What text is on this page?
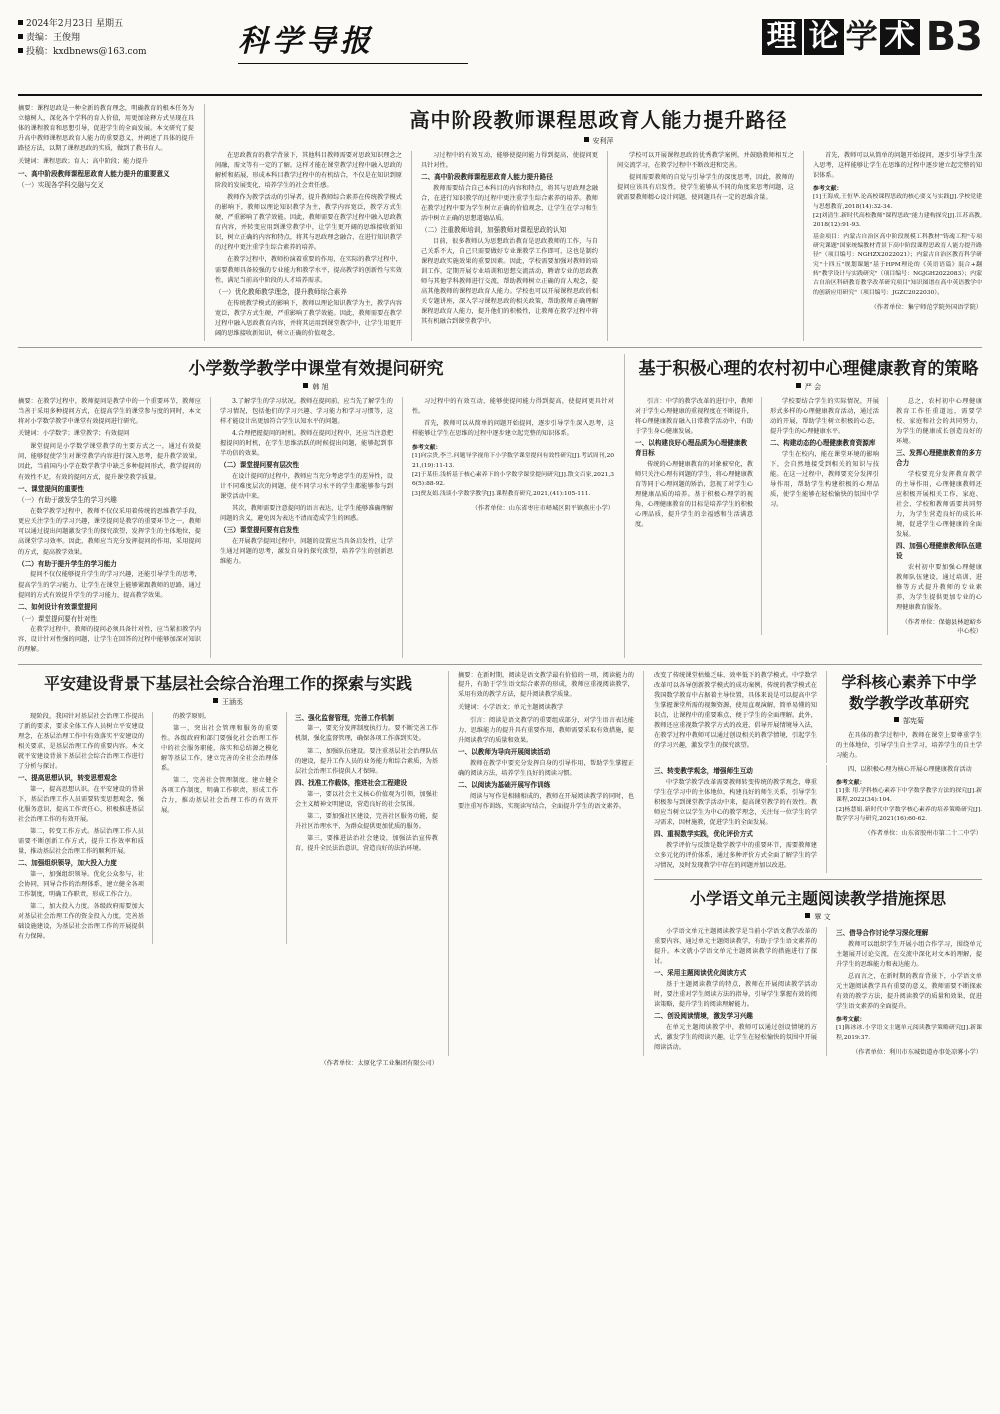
2024年2月23日 星期五
责编：王俊翔
投稿：kxdbnews@163.com	科学导报	理 论 学 术 B3
摘要：课程思政是一种全新的教育理念，明确教育的根本任务为立德树人，深化各个学科的育人价值，用更加诠释方式呈现在具体的课程教育和思想引导，促进学生的全面发展。本文研究了提升高中教师课程思政育人能力的重要意义，并阐述了具体的提升路径方法，以期了课程思政的实质，做到了教书育人。
关键词：课程思政；育人；高中阶段；能力提升
一、高中阶段教师课程思政育人能力提升的重要意义
（一）实现各学科交融与交叉
高中阶段教师课程思政育人能力提升路径
安利萍

在思政教育的教学背景下，其他科目教师需要对思政知识理念之间融，需文等有一定的了解。这样才能在课堂教学过程中融入思政的解析和拓展，形成本科目教学过程中的有机结合，不仅是在知识到原阶段的发展变化，培养学生的社会责任感。

教师作为教学活动的引导者，提升教师综合素养在传统教学模式的影响下，教师以理论知识教学为主，教学内容宽泛，教学方式生硬，严重影响了教学效能。因此，教师需要在教学过程中融入思政教育内容，并转变应用到课堂教学中，让学生更开阔的思维接收新知识，树立正确的内容和特点，将其与思政理念融合，在进行知识教学的过程中更注重学生综合素养的培养。

在教学过程中，教师扮演着重要的作用，在实际的教学过程中，需要教师具备较强的专业能力和教学水平，提高教学的创新性与实效性，满足当前高中阶段的人才培养需求。

（一）优化教师教学理念，提升教师综合素养

在传统教学模式的影响下，教师以理论知识教学为主，教学内容宽泛，教学方式生硬，严重影响了教学效能。因此，教师需要在教学过程中融入思政教育内容，并将其运用到课堂教学中，让学生用更开阔的思维接收新知识，树立正确的价值观念。

习过程中的有效互动，能够使提问能力得到提高，使提问更具针对性。

二、高中阶段教师课程思政育人能力提升路径

教师需要结合自己本科目的内容和特点，将其与思政理念融合，在进行知识教学的过程中更注重学生综合素养的培养。教师在教学过程中要为学生树立正确的价值观念，让学生在学习和生活中树立正确的思想道德品质。

（二）注重教师培训，加强教师对课程思政的认知

目前，很多教师认为思想政治教育是思政教师的工作，与自己关系不大，自己只需要做好专业课教学工作即可，这也是制约课程思政实施效果的重要因素。因此，学校需要加强对教师的培训工作，定期开展专业培训和思想交流活动，聘请专业的思政教师与其他学科教师进行交流，帮助教师树立正确的育人观念，提高其他教师的课程思政育人能力。学校也可以开展课程思政的相关专题讲座，深入学习课程思政的相关政策，帮助教师正确理解课程思政育人能力，提升他们的积极性，让教师在教学过程中将其有机融合到课堂教学中。

学校可以开展课程思政的优秀教学案例，并鼓励教师相互之间交流学习，在教学过程中不断改进和完善。

提问需要教师的自觉与引导学生的深度思考，因此，教师的提问应该具有启发性，使学生能够从不同的角度来思考问题，这就需要教师精心设计问题，使问题具有一定的思维含量。

首先，教师可以从简单的问题开始提问，逐步引导学生深入思考，这样能够让学生在思维的过程中逐步建立起完整的知识体系。

参考文献：
[1]王海成,王恒华.论高校课程思政的核心要义与实践[J].学校党建与思想教育,2018(14):32-34.
[2]刘清生.新时代高校教师"课程思政"能力建构探究[J].江苏高教,2018(12):91-93.
基金项目：内蒙古自治区高中阶段规模工科教材"铸魂工程"专项研究课题"国家统编教材背景下高中阶段课程思政育人能力提升路径"（项目编号：NGHZX2022021）；内蒙古自治区教育科学研究"十四五"规划课题"基于HPM理论的《英语语篇》混合+翻转"教学设计与实践研究"（项目编号：NGJGH2022083）；内蒙古自治区科研教育教学改革研究项目"知识图谱在高中英语教学中的创新应用研究"（项目编号：JGZC2022030）。
（作者单位：集宁师范学院外国语学院）
小学数学教学中课堂有效提问研究
韩 旭
摘要：在教学过程中，教师提问是教学中的一个重要环节，教师应当善于采用多种提问方式，在提高学生的课堂参与度的同时，本文将对小学数学教学中课堂有效提问进行研究。
关键词：小学数学；课堂教学；有效提问

课堂提问是小学数学课堂教学的主要方式之一，通过有效提问，能够促使学生对课堂教学内容进行深入思考，提升教学效果。因此，当前国内小学在数学教学中缺乏多种提问形式，教学提问的有效性不足，有效的提问方式，提升课堂教学质量。

一、课堂提问的重要性
（一）有助于激发学生的学习兴趣

在数学教学过程中，教师不仅仅采用着传统的思维教学手段，更应关注学生的学习兴趣，课堂提问是教学的重要环节之一，教师可以通过提出问题激发学生的探究欲望，发挥学生的主体地位，提高课堂学习效率。因此，教师应当充分发挥提问的作用，采用提问的方式，提高教学效果。

（二）有助于提升学生的学习能力

提问不仅仅能够提升学生的学习兴趣，还能引导学生的思考，提高学生的学习能力，让学生在课堂上能够紧跟教师的思路，通过提问的方式有效提升学生的学习能力，提高教学效果。

二、如何设计有效课堂提问
（一）课堂提问要有针对性

在教学过程中，教师的提问必须具备针对性，应当紧扣教学内容，设计针对性强的问题，让学生在回答的过程中能够加深对知识的理解。

3.了解学生的学习状况。教师在提问前，应当先了解学生的学习情况，包括他们的学习兴趣、学习能力和学习习惯等，这样才能设计出更加符合学生认知水平的问题。

4.合理把握提问的时机。教师在提问过程中，还应当注意把握提问的时机，在学生思维活跃的时候提出问题，能够起到事半功倍的效果。

（二）课堂提问要有层次性

在设计提问的过程中，教师应当充分考虑学生的差异性，设计不同难度层次的问题，使不同学习水平的学生都能够参与到课堂活动中来。

其次，教师需要注意提问的语言表达，让学生能够准确理解问题的含义，避免因为表达不清而造成学生的困惑。

（三）课堂提问要有启发性

在开展教学提问过程中，问题的设置应当具备启发性，让学生通过问题的思考，激发自身的探究欲望，培养学生的创新思维能力。

习过程中的有效互动，能够使提问能力得到提高，使提问更具针对性。

首先，教师可以从简单的问题开始提问，逐步引导学生深入思考，这样能够让学生在思维的过程中逐步建立起完整的知识体系。

参考文献：
[1]向宗贵,李兰.问题导学视角下小学数学课堂提问有效性研究[J].考试周刊,2021,(19):11-13.
[2]于某佳.浅析基于核心素养下的小学数学课堂提问研究[J].散文百家,2021,36(5):88-92.
[3]贾友娟.浅谈小学数学教学[J].课程教育研究,2021,(41):105-111.
（作者单位：山东省枣庄市峄城区阴平镇燕庄小学）
基于积极心理的农村初中心理健康教育的策略
严 会

引言：中学的教学改革的进行中，教师对于学生心理健康的重视程度在不断提升，将心理健康教育融入日常教学活动中，有助于学生身心健康发展。

一、以构建良好心理品质为心理健康教育目标

传统的心理健康教育的对象被窄化，教师只关注心理有问题的学生，将心理健康教育等同于心理问题的矫治，忽视了对学生心理健康品质的培养。基于积极心理学的视角，心理健康教育的目标是培养学生的积极心理品质，提升学生的幸福感和生活满意度。

学校要结合学生的实际情况，开展形式多样的心理健康教育活动，通过活动的开展，帮助学生树立积极的心态，提升学生的心理健康水平。

二、构建动态的心理健康教育资源库

学生在校内，能在课堂环境的影响下，会自然地接受到相关的知识与技能。在这一过程中，教师要充分发挥引导作用，帮助学生构建积极的心理品质，使学生能够在轻松愉快的氛围中学习。

总之，农村初中心理健康教育工作任重道远，需要学校、家庭和社会的共同努力，为学生的健康成长创造良好的环境。

三、发挥心理健康教育的多方合力

学校要充分发挥教育教学的主导作用，心理健康教师还应积极开展相关工作，家庭、社会、学校和教师需要共同努力，为学生营造良好的成长环境，促进学生心理健康的全面发展。

四、加强心理健康教师队伍建设

农村初中要加强心理健康教师队伍建设，通过培训、进修等方式提升教师的专业素养，为学生提供更加专业的心理健康教育服务。

（作者单位：保德县林遮峪乡中心校）
平安建设背景下基层社会综合治理工作的探索与实践
王涵丞

现阶段，我国针对基层社会治理工作提出了新的要求，要求全体工作人员树立平安建设理念，在基层治理工作中有效落实平安建设的相关要求，是基层治理工作的重要内容。本文就平安建设背景下基层社会综合治理工作进行了分析与探讨。

一、提高思想认识，转变思想观念

第一，提高思想认识。在平安建设的背景下，基层治理工作人员需要转变思想观念，强化服务意识，提高工作责任心，积极推进基层社会治理工作的有效开展。

第二，转变工作方式。基层治理工作人员需要不断创新工作方式，提升工作效率和质量，推动基层社会治理工作的顺利开展。

二、加强组织领导，加大投入力度

第一，加强组织领导。优化公众参与，社会协同，同导合作的治理体系，建立健全各项工作制度，明确工作职责，形成工作合力。

第二，加大投入力度。各级政府需要加大对基层社会治理工作的资金投入力度，完善基础设施建设，为基层社会治理工作的开展提供有力保障。

的教学原则。

第一，突出社会管理和服务的重要性。各级政府和部门要强化社会治理工作中的社会服务职能，落实和总结源之模化解等基层工作，建立完善的全社会治理体系。

第二，完善社会管理制度。建立健全各项工作制度，明确工作职责，形成工作合力，推动基层社会治理工作的有效开展。

三、强化监督管理，完善工作机制

第一，要充分发挥制度执行力。要不断完善工作机制，强化监督管理，确保各项工作落到实处。

第二，加强队伍建设。要注重基层社会治理队伍的建设，提升工作人员的业务能力和综合素质，为基层社会治理工作提供人才保障。

四、找准工作载体，推进社会工程建设

第一，要以社会主义核心价值观为引领，加强社会主义精神文明建设，营造良好的社会氛围。

第二，要加强社区建设，完善社区服务功能，提升社区治理水平，为群众提供更加优质的服务。

第三，要推进法治社会建设，加强法治宣传教育，提升全民法治意识，营造良好的法治环境。

摘要：在新时期，阅读是语文教学最有价值的一项，阅读能力的提升，有助于学生语文综合素养的形成，教师应重视阅读教学，采用有效的教学方法，提升阅读教学质量。
关键词：小学语文；单元主题阅读教学

引言：阅读是语文教学的重要组成部分，对学生语言表达能力、思维能力的提升具有重要作用，教师需要采取有效措施，提升阅读教学的质量和效果。

一、以教师为导向开展阅读活动

教师在教学中要充分发挥自身的引导作用，帮助学生掌握正确的阅读方法，培养学生良好的阅读习惯。

二、以阅读为基础开展写作训练

阅读与写作是相辅相成的，教师在开展阅读教学的同时，也要注重写作训练，实现读写结合，全面提升学生的语文素养。

改变了传统课堂枯燥乏味、效率低下的教学模式。中学数学改革可以各导创新教学模式的成功案例，传统的教学模式在我国数学教育中占据着主导位置，具体来说是可以提高中学生掌握课堂所需的视频资源，使用直观演解，简单易懂的知识点，让课程中的重要难点，便于学生的全面理解。此外，教师还应重视数学教学方式的改进，倡导开展情境导入法，在教学过程中教师可以通过创设相关的教学情境，引起学生的学习兴趣，激发学生的探究欲望。

学科核心素养下中学数学教学改革研究
郜宪菊

在具体的教学过程中，教师在课堂上要尊重学生的主体地位，引导学生自主学习，培养学生的自主学习能力。

三、转变教学观念，增强师生互动

中学数学教学改革需要教师转变传统的教学观念，尊重学生在学习中的主体地位，构建良好的师生关系，引导学生积极参与到课堂教学活动中来，提高课堂教学的有效性。教师应当树立以学生为中心的教学理念，关注每一位学生的学习需求，因材施教，促进学生的全面发展。

四、重视数学实践，优化评价方式

教学评价与反馈是数学教学中的重要环节，需要教师建立多元化的评价体系，通过多种评价方式全面了解学生的学习情况，及时发现教学中存在的问题并加以改进。

四、以积极心理为核心开展心理健康教育活动

参考文献：
[1]张 用.学科核心素养下中学数学教学方法的探究[J].新课程,2022(34):104.
[2]杨慧娟.新时代中学数学核心素养的培养策略研究[J].数学学习与研究,2021(16):60-62.
（作者单位：山东省胶州市第二十二中学）
小学语文单元主题阅读教学措施探思
覃 文

小学语文单元主题阅读教学是当前小学语文教学改革的重要内容，通过单元主题阅读教学，有助于学生语文素养的提升。本文就小学语文单元主题阅读教学的措施进行了探讨。

一、采用主题阅读优化阅读方式

基于主题阅读教学的特点，教师在开展阅读教学活动时，要注重对学生阅读方法的指导，引导学生掌握有效的阅读策略，提升学生的阅读理解能力。

二、创设阅读情境，激发学习兴趣

在单元主题阅读教学中，教师可以通过创设情境的方式，激发学生的阅读兴趣，让学生在轻松愉快的氛围中开展阅读活动。

三、借导合作讨论学习深化理解

教师可以组织学生开展小组合作学习，围绕单元主题展开讨论交流，在交流中深化对文本的理解，提升学生的思维能力和表达能力。

总而言之，在新时期的教育背景下，小学语文单元主题阅读教学具有重要的意义，教师需要不断探索有效的教学方法，提升阅读教学的质量和效果，促进学生语文素养的全面提升。

参考文献：
[1]陈冰冰.小学语文主题单元阅读教学策略研究[J].新课程,2019:37.
（作者单位：利川市东城街道办事处凉雾小学）
（作者单位：太原化学工业集团有限公司）
